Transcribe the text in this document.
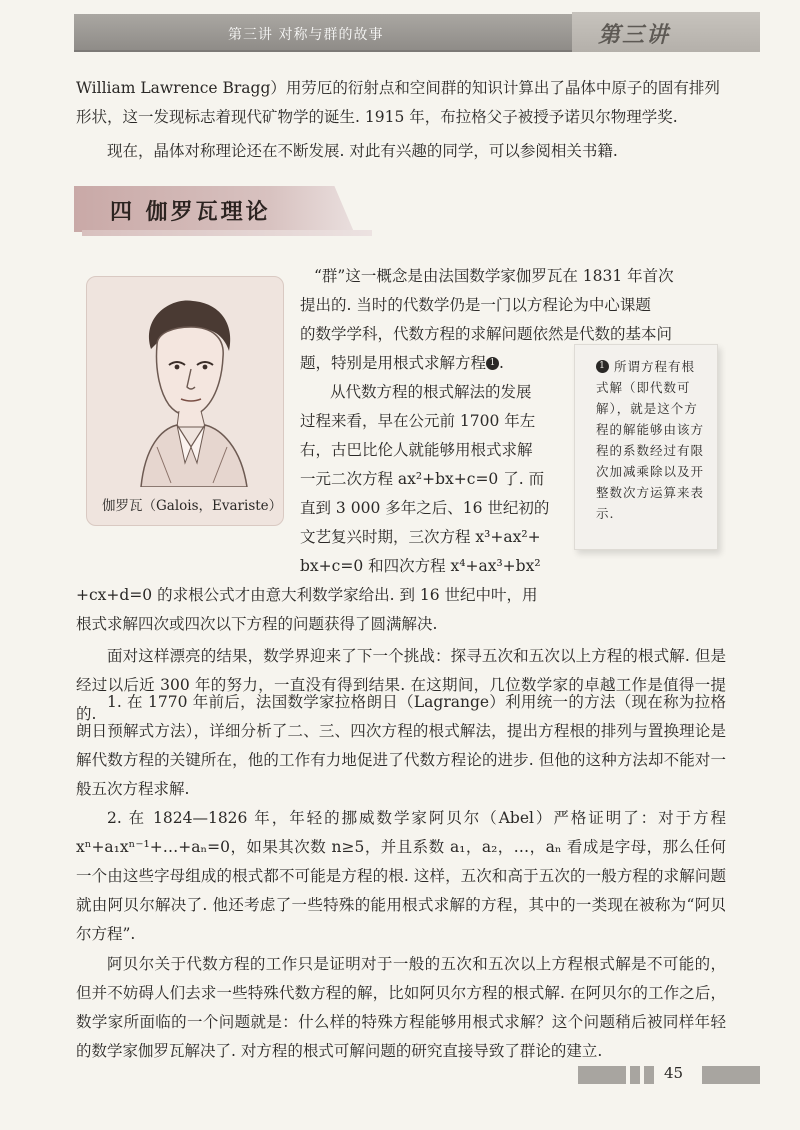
第三讲 对称与群的故事	第三讲

William Lawrence Bragg）用劳厄的衍射点和空间群的知识计算出了晶体中原子的固有排列

形状，这一发现标志着现代矿物学的诞生. 1915 年，布拉格父子被授予诺贝尔物理学奖.

现在，晶体对称理论还在不断发展. 对此有兴趣的同学，可以参阅相关书籍.

四 伽罗瓦理论
伽罗瓦（Galois，Evariste）
“群”这一概念是由法国数学家伽罗瓦在 1831 年首次
提出的. 当时的代数学仍是一门以方程论为中心课题
的数学学科，代数方程的求解问题依然是代数的基本问
题，特别是用根式求解方程 1 .
从代数方程的根式解法的发展
过程来看，早在公元前 1700 年左
右，古巴比伦人就能够用根式求解
一元二次方程 ax²+bx+c=0 了. 而
直到 3 000 多年之后、16 世纪初的
文艺复兴时期，三次方程 x³+ax²+
bx+c=0 和四次方程 x⁴+ax³+bx²
+cx+d=0 的求根公式才由意大利数学家给出. 到 16 世纪中叶，用
根式求解四次或四次以下方程的问题获得了圆满解决.

1 所谓方程有根式解（即代数可解），就是这个方程的解能够由该方程的系数经过有限次加减乘除以及开整数次方运算来表示.

面对这样漂亮的结果，数学界迎来了下一个挑战：探寻五次和五次以上方程的根式解. 但是经过以后近 300 年的努力，一直没有得到结果. 在这期间，几位数学家的卓越工作是值得一提的.

1. 在 1770 年前后，法国数学家拉格朗日（Lagrange）利用统一的方法（现在称为拉格朗日预解式方法），详细分析了二、三、四次方程的根式解法，提出方程根的排列与置换理论是解代数方程的关键所在，他的工作有力地促进了代数方程论的进步. 但他的这种方法却不能对一般五次方程求解.

2. 在 1824—1826 年，年轻的挪威数学家阿贝尔（Abel）严格证明了：对于方程 xⁿ+a₁xⁿ⁻¹+…+aₙ=0，如果其次数 n≥5，并且系数 a₁，a₂，…，aₙ 看成是字母，那么任何一个由这些字母组成的根式都不可能是方程的根. 这样，五次和高于五次的一般方程的求解问题就由阿贝尔解决了. 他还考虑了一些特殊的能用根式求解的方程，其中的一类现在被称为“阿贝尔方程”.

阿贝尔关于代数方程的工作只是证明对于一般的五次和五次以上方程根式解是不可能的，但并不妨碍人们去求一些特殊代数方程的解，比如阿贝尔方程的根式解. 在阿贝尔的工作之后，数学家所面临的一个问题就是：什么样的特殊方程能够用根式求解？这个问题稍后被同样年轻的数学家伽罗瓦解决了. 对方程的根式可解问题的研究直接导致了群论的建立.

45
